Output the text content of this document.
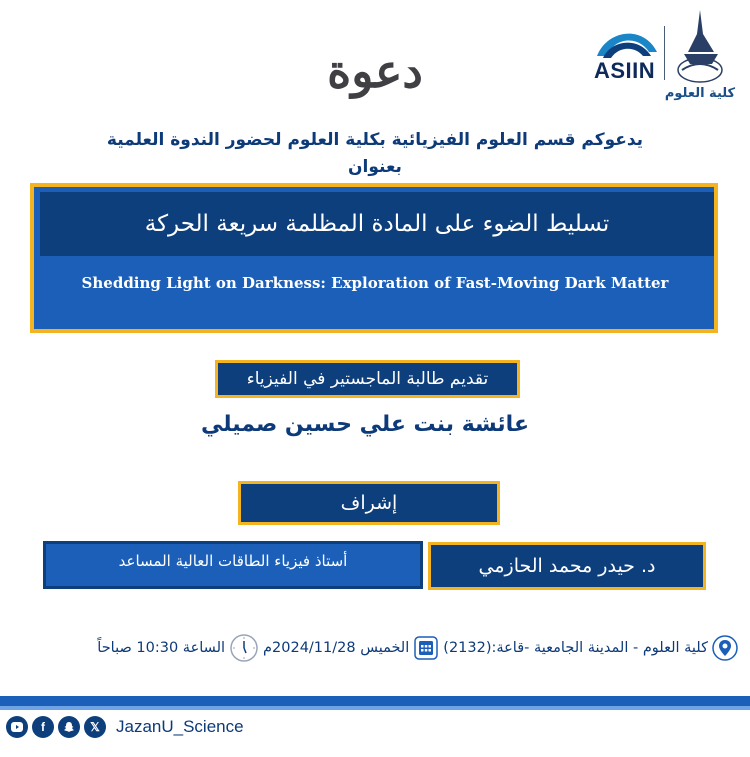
ASIIN
كلية العلوم
دعوة
يدعوكم قسم العلوم الفيزيائية بكلية العلوم لحضور الندوة العلمية
بعنوان
تسليط الضوء على المادة المظلمة سريعة الحركة
Shedding Light on Darkness: Exploration of Fast-Moving Dark Matter
تقديم طالبة الماجستير في الفيزياء
عائشة بنت علي حسين صميلي
إشراف
د. حيدر محمد الحازمي
أستاذ فيزياء الطاقات العالية المساعد
كلية العلوم - المدينة الجامعية -قاعة:(2132)
الخميس 2024/11/28م
الساعة 10:30 صباحاً
f	𝕏 JazanU_Science
